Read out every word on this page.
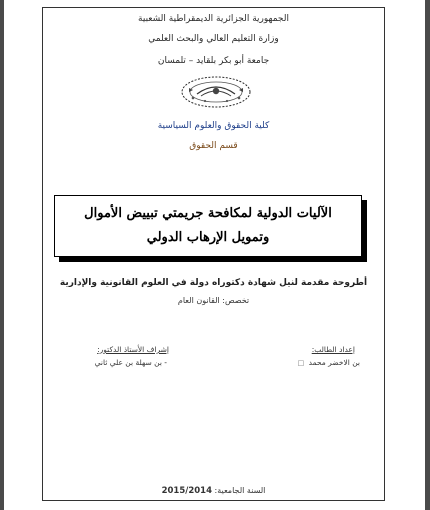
الجمهورية الجزائرية الديمقراطية الشعبية
وزارة التعليم العالي والبحث العلمي
جامعة أبو بكر بلقايد – تلمسان
كلية الحقوق والعلوم السياسية
قسم الحقوق
الآليات الدولية لمكافحة جريمتي تبييض الأموال
وتمويل الإرهاب الدولي
أطروحة مقدمة لنيل شهادة دكتوراه دولة في العلوم القانونية والإدارية
تخصص: القانون العام
إعداد الطالب:
بن الاخضر محمد □
إشراف الأستاذ الدكتور:
- بن سهلة بن علي ثاني
السنة الجامعية: 2015/2014
